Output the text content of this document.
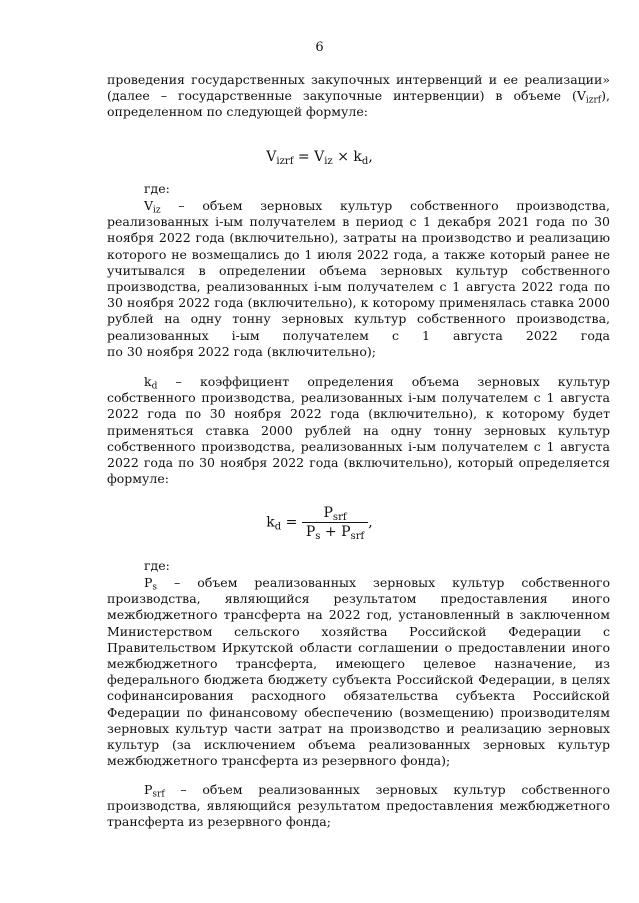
6
проведения государственных закупочных интервенций и ее реализации»
(далее – государственные закупочные интервенции) в объеме $(V_{izrf})$,
определенном по следующей формуле:
$V_{izrf} = V_{iz} \times k_d$,
где:
$V_{iz}$ – объем зерновых культур собственного производства, реализованных i-ым получателем в период с 1 декабря 2021 года по 30 ноября 2022 года (включительно), затраты на производство и реализацию которого не возмещались до 1 июля 2022 года, а также который ранее не учитывался в определении объема зерновых культур собственного производства, реализованных i-ым получателем с 1 августа 2022 года по 30 ноября 2022 года (включительно), к которому применялась ставка 2000 рублей на одну тонну зерновых культур собственного производства, реализованных i-ым получателем с 1 августа 2022 года
по 30 ноября 2022 года (включительно);
$k_d$ – коэффициент определения объема зерновых культур собственного производства, реализованных i-ым получателем с 1 августа 2022 года по 30 ноября 2022 года (включительно), к которому будет применяться ставка 2000 рублей на одну тонну зерновых культур собственного производства, реализованных i-ым получателем с 1 августа 2022 года по 30 ноября 2022 года (включительно), который определяется
формуле:
$k_d = \frac{P_{srf}}{P_s + P_{srf}}$ ,
где:
$P_s$ – объем реализованных зерновых культур собственного производства, являющийся результатом предоставления иного межбюджетного трансферта на 2022 год, установленный в заключенном Министерством сельского хозяйства Российской Федерации с Правительством Иркутской области соглашении о предоставлении иного межбюджетного трансферта, имеющего целевое назначение, из федерального бюджета бюджету субъекта Российской Федерации, в целях софинансирования расходного обязательства субъекта Российской Федерации по финансовому обеспечению (возмещению) производителям зерновых культур части затрат на производство и реализацию зерновых культур (за исключением объема реализованных зерновых культур
межбюджетного трансферта из резервного фонда);
$P_{srf}$ – объем реализованных зерновых культур собственного производства, являющийся результатом предоставления межбюджетного
трансферта из резервного фонда;
